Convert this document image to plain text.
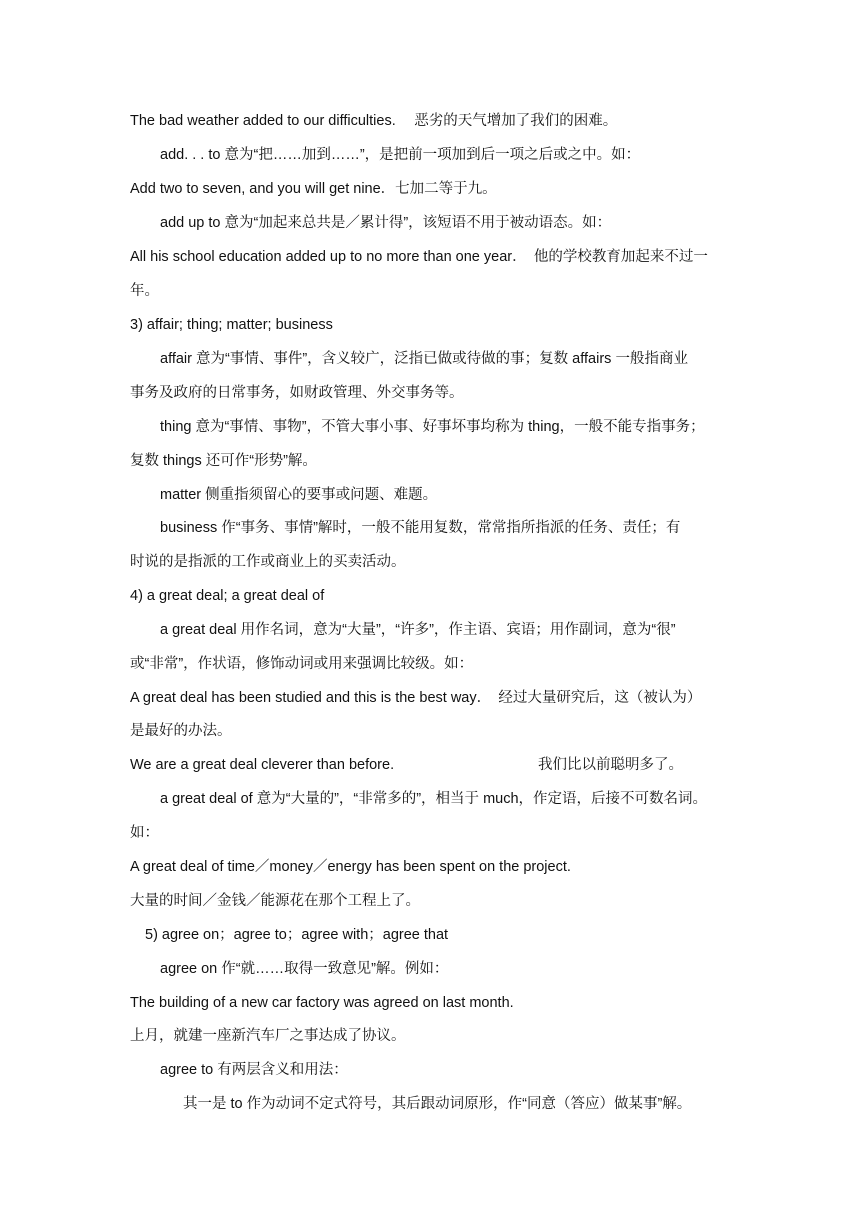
The bad weather added to our difficulties.　 恶劣的天气增加了我们的困难。
add. . . to 意为“把……加到……”，是把前一项加到后一项之后或之中。如：
Add two to seven, and you will get nine．七加二等于九。
add up to 意为“加起来总共是／累计得”，该短语不用于被动语态。如：
All his school education added up to no more than one year．　他的学校教育加起来不过一
年。
3) affair; thing; matter; business
affair 意为“事情、事件”，含义较广，泛指已做或待做的事；复数 affairs 一般指商业
事务及政府的日常事务，如财政管理、外交事务等。
thing 意为“事情、事物”，不管大事小事、好事坏事均称为 thing，一般不能专指事务；
复数 things 还可作“形势”解。
matter 侧重指须留心的要事或问题、难题。
business 作“事务、事情”解时，一般不能用复数，常常指所指派的任务、责任；有
时说的是指派的工作或商业上的买卖活动。
4) a great deal; a great deal of
a great deal 用作名词，意为“大量”，“许多”，作主语、宾语；用作副词，意为“很”
或“非常”，作状语，修饰动词或用来强调比较级。如：
A great deal has been studied and this is the best way．　经过大量研究后，这（被认为）
是最好的办法。
We are a great deal cleverer than before.	我们比以前聪明多了。
a great deal of 意为“大量的”，“非常多的”，相当于 much，作定语，后接不可数名词。
如：
A great deal of time／money／energy has been spent on the project.
大量的时间／金钱／能源花在那个工程上了。
5) agree on；agree to；agree with；agree that
agree on 作“就……取得一致意见”解。例如：
The building of a new car factory was agreed on last month.
上月，就建一座新汽车厂之事达成了协议。
agree to 有两层含义和用法：
其一是 to 作为动词不定式符号，其后跟动词原形，作“同意（答应）做某事”解。
